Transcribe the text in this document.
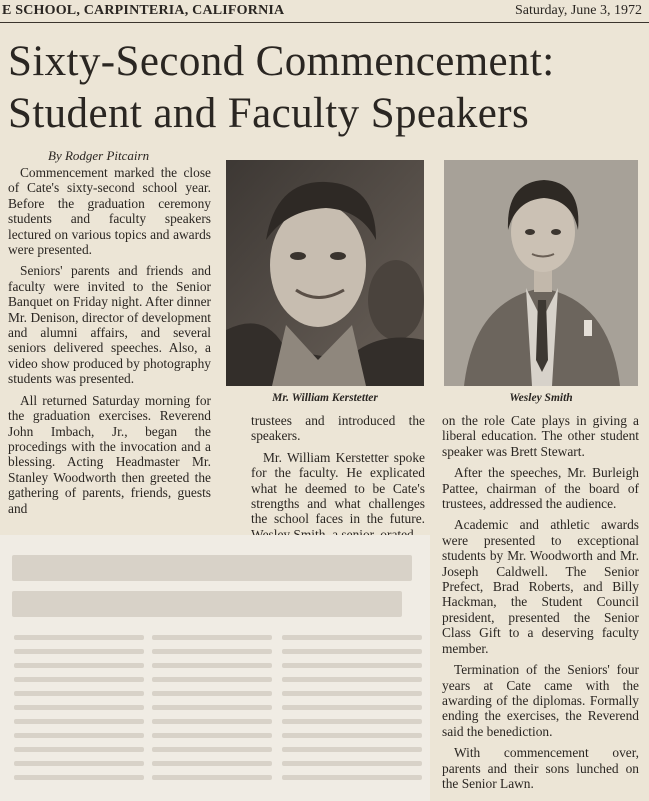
E SCHOOL, CARPINTERIA, CALIFORNIA	Saturday, June 3, 1972
Sixty-Second Commencement:
Student and Faculty Speakers
By Rodger Pitcairn

Commencement marked the close of Cate's sixty-second school year. Before the graduation ceremony students and faculty speakers lectured on various topics and awards were presented.

Seniors' parents and friends and faculty were invited to the Senior Banquet on Friday night. After dinner Mr. Denison, director of development and alumni affairs, and several seniors delivered speeches. Also, a video show produced by photography students was presented.

All returned Saturday morning for the graduation exercises. Reverend John Imbach, Jr., began the procedings with the invocation and a blessing. Acting Headmaster Mr. Stanley Woodworth then greeted the gathering of parents, friends, guests and

Mr. William Kerstetter	Wesley Smith

trustees and introduced the speakers.

Mr. William Kerstetter spoke for the faculty. He explicated what he deemed to be Cate's strengths and what challenges the school faces in the future.

on the role Cate plays in giving a liberal education. The other student speaker was Brett Stewart.

After the speeches, Mr. Burleigh Pattee, chairman of the board of trustees, addressed the audience.

Academic and athletic awards were presented to exceptional students by Mr. Woodworth and Mr. Joseph Caldwell. The Senior Prefect, Brad Roberts, and Billy Hackman, the Student Council president, presented the Senior Class Gift to a deserving faculty member.

Termination of the Seniors' four years at Cate came with the awarding of the diplomas. Formally ending the exercises, the Reverend said the benediction.

With commencement over, parents and their sons lunched on the Senior Lawn.
